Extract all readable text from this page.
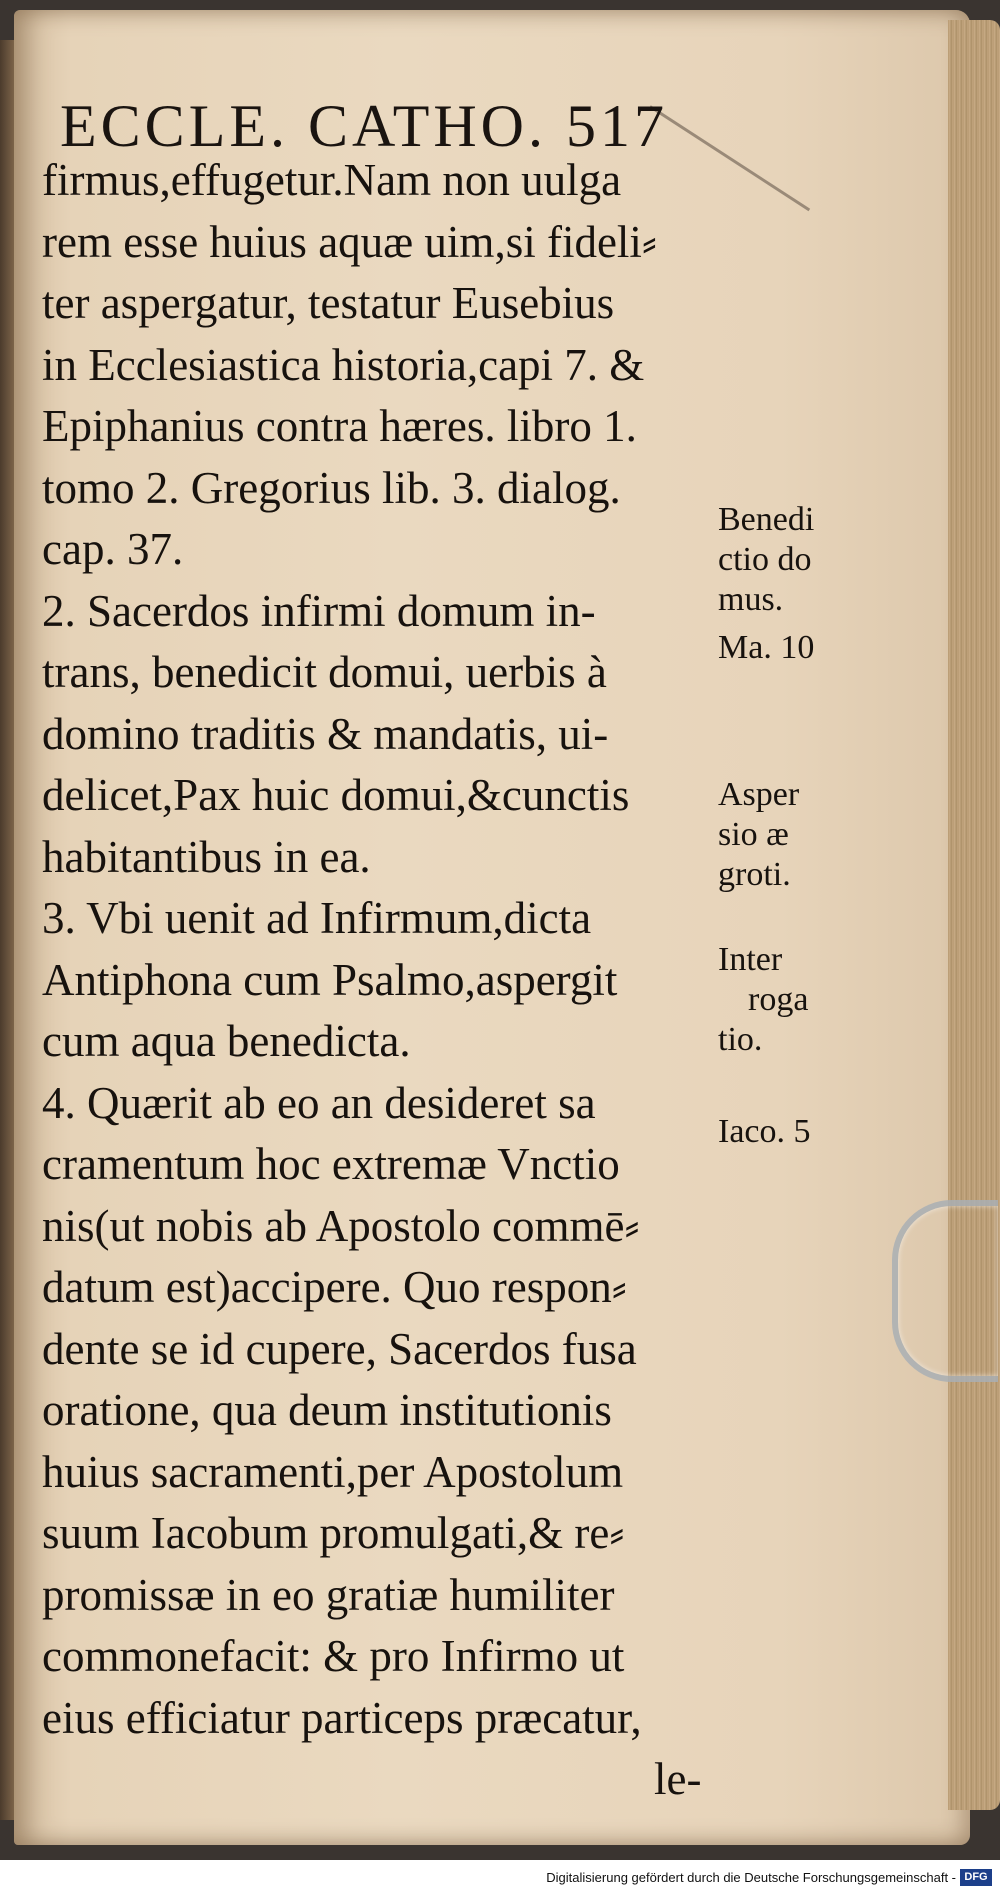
ECCLE. CATHO. 517
firmus,effugetur.Nam non uulga
rem esse huius aquæ uim,si fideli⸗
ter aspergatur, testatur Eusebius
in Ecclesiastica historia,capi 7. &
Epiphanius contra hæres. libro 1.
tomo 2. Gregorius lib. 3. dialog.
cap. 37.
2. Sacerdos infirmi domum in-
trans, benedicit domui, uerbis à
domino traditis & mandatis, ui-
delicet,Pax huic domui,&cunctis
habitantibus in ea.
3. Vbi uenit ad Infirmum,dicta
Antiphona cum Psalmo,aspergit
cum aqua benedicta.
4. Quærit ab eo an desideret sa
cramentum hoc extremæ Vnctio
nis(ut nobis ab Apostolo commē⸗
datum est)accipere. Quo respon⸗
dente se id cupere, Sacerdos fusa
oratione, qua deum institutionis
huius sacramenti,per Apostolum
suum Iacobum promulgati,& re⸗
promissæ in eo gratiæ humiliter
commonefacit: & pro Infirmo ut
eius efficiatur particeps præcatur,
le-
Benedi
ctio do
mus.
Ma. 10
Asper
sio æ
groti.
Inter
roga
tio.
Iaco. 5
Digitalisierung gefördert durch die Deutsche Forschungsgemeinschaft - DFG
